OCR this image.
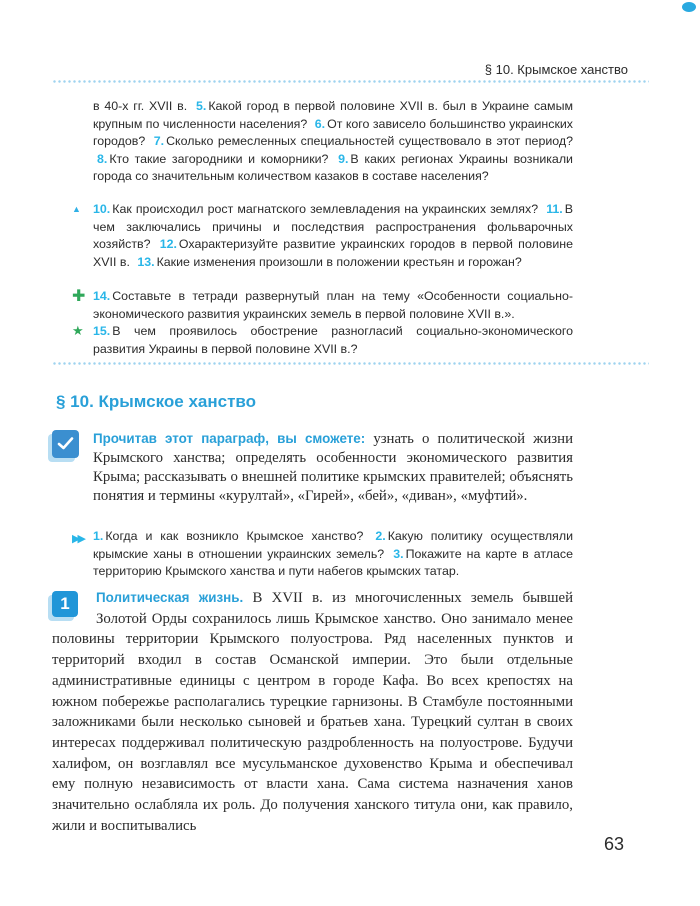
§ 10. Крымское ханство
в 40-х гг. XVII в. 5. Какой город в первой половине XVII в. был в Украине самым крупным по численности населения? 6. От кого зависело большинство украинских городов? 7. Сколько ремесленных специальностей существовало в этот период? 8. Кто такие загородники и коморники? 9. В каких регионах Украины возникали города со значительным количеством казаков в составе населения?
▲ 10. Как происходил рост магнатского землевладения на украинских землях? 11. В чем заключались причины и последствия распространения фольварочных хозяйств? 12. Охарактеризуйте развитие украинских городов в первой половине XVII в. 13. Какие изменения произошли в положении крестьян и горожан?
✚ 14. Составьте в тетради развернутый план на тему «Особенности социально-экономического развития украинских земель в первой половине XVII в.».
★ 15. В чем проявилось обострение разногласий социально-экономического развития Украины в первой половине XVII в.?
§ 10. Крымское ханство
Прочитав этот параграф, вы сможете: узнать о политической жизни Крымского ханства; определять особенности экономического развития Крыма; рассказывать о внешней политике крымских правителей; объяснять понятия и термины «курултай», «Гирей», «бей», «диван», «муфтий».
▶▶ 1. Когда и как возникло Крымское ханство? 2. Какую политику осуществляли крымские ханы в отношении украинских земель? 3. Покажите на карте в атласе территорию Крымского ханства и пути набегов крымских татар.
1	Политическая жизнь. В XVII в. из многочисленных земель бывшей Золотой Орды сохранилось лишь Крымское ханство. Оно занимало менее половины территории Крымского полуострова. Ряд населенных пунктов и территорий входил в состав Османской империи. Это были отдельные административные единицы с центром в городе Кафа. Во всех крепостях на южном побережье располагались турецкие гарнизоны. В Стамбуле постоянными заложниками были несколько сыновей и братьев хана. Турецкий султан в своих интересах поддерживал политическую раздробленность на полуострове. Будучи халифом, он возглавлял все мусульманское духовенство Крыма и обеспечивал ему полную независимость от власти хана. Сама система назначения ханов значительно ослабляла их роль. До получения ханского титула они, как правило, жили и воспитывались
63
